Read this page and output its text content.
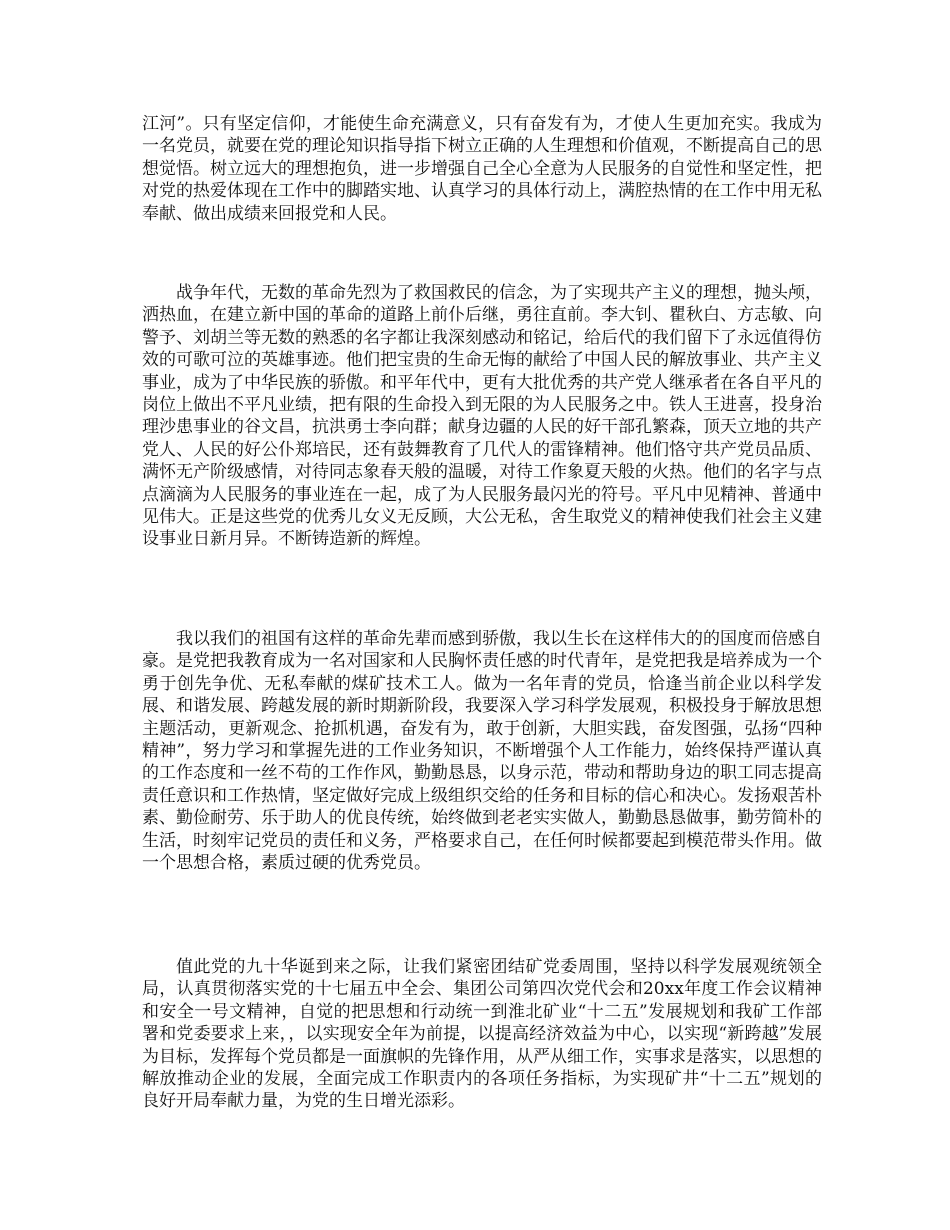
江河”。只有坚定信仰，才能使生命充满意义，只有奋发有为，才使人生更加充实。我成为一名党员，就要在党的理论知识指导指下树立正确的人生理想和价值观，不断提高自己的思想觉悟。树立远大的理想抱负，进一步增强自己全心全意为人民服务的自觉性和坚定性，把对党的热爱体现在工作中的脚踏实地、认真学习的具体行动上，满腔热情的在工作中用无私奉献、做出成绩来回报党和人民。

战争年代，无数的革命先烈为了救国救民的信念，为了实现共产主义的理想，抛头颅，洒热血，在建立新中国的革命的道路上前仆后继，勇往直前。李大钊、瞿秋白、方志敏、向警予、刘胡兰等无数的熟悉的名字都让我深刻感动和铭记，给后代的我们留下了永远值得仿效的可歌可泣的英雄事迹。他们把宝贵的生命无悔的献给了中国人民的解放事业、共产主义事业，成为了中华民族的骄傲。和平年代中，更有大批优秀的共产党人继承者在各自平凡的岗位上做出不平凡业绩，把有限的生命投入到无限的为人民服务之中。铁人王进喜，投身治理沙患事业的谷文昌，抗洪勇士李向群；献身边疆的人民的好干部孔繁森，顶天立地的共产党人、人民的好公仆郑培民，还有鼓舞教育了几代人的雷锋精神。他们恪守共产党员品质、满怀无产阶级感情，对待同志象春天般的温暖，对待工作象夏天般的火热。他们的名字与点点滴滴为人民服务的事业连在一起，成了为人民服务最闪光的符号。平凡中见精神、普通中见伟大。正是这些党的优秀儿女义无反顾，大公无私，舍生取党义的精神使我们社会主义建设事业日新月异。不断铸造新的辉煌。

我以我们的祖国有这样的革命先辈而感到骄傲，我以生长在这样伟大的的国度而倍感自豪。是党把我教育成为一名对国家和人民胸怀责任感的时代青年，是党把我是培养成为一个勇于创先争优、无私奉献的煤矿技术工人。做为一名年青的党员，恰逢当前企业以科学发展、和谐发展、跨越发展的新时期新阶段，我要深入学习科学发展观，积极投身于解放思想主题活动，更新观念、抢抓机遇，奋发有为，敢于创新，大胆实践，奋发图强，弘扬“四种精神”，努力学习和掌握先进的工作业务知识，不断增强个人工作能力，始终保持严谨认真的工作态度和一丝不苟的工作作风，勤勤恳恳，以身示范，带动和帮助身边的职工同志提高责任意识和工作热情，坚定做好完成上级组织交给的任务和目标的信心和决心。发扬艰苦朴素、勤俭耐劳、乐于助人的优良传统，始终做到老老实实做人，勤勤恳恳做事，勤劳简朴的生活，时刻牢记党员的责任和义务，严格要求自己，在任何时候都要起到模范带头作用。做一个思想合格，素质过硬的优秀党员。

值此党的九十华诞到来之际，让我们紧密团结矿党委周围，坚持以科学发展观统领全局，认真贯彻落实党的十七届五中全会、集团公司第四次党代会和20xx年度工作会议精神和安全一号文精神，自觉的把思想和行动统一到淮北矿业“十二五”发展规划和我矿工作部署和党委要求上来，，以实现安全年为前提，以提高经济效益为中心，以实现“新跨越”发展为目标，发挥每个党员都是一面旗帜的先锋作用，从严从细工作，实事求是落实，以思想的解放推动企业的发展，全面完成工作职责内的各项任务指标，为实现矿井“十二五”规划的良好开局奉献力量，为党的生日增光添彩。
